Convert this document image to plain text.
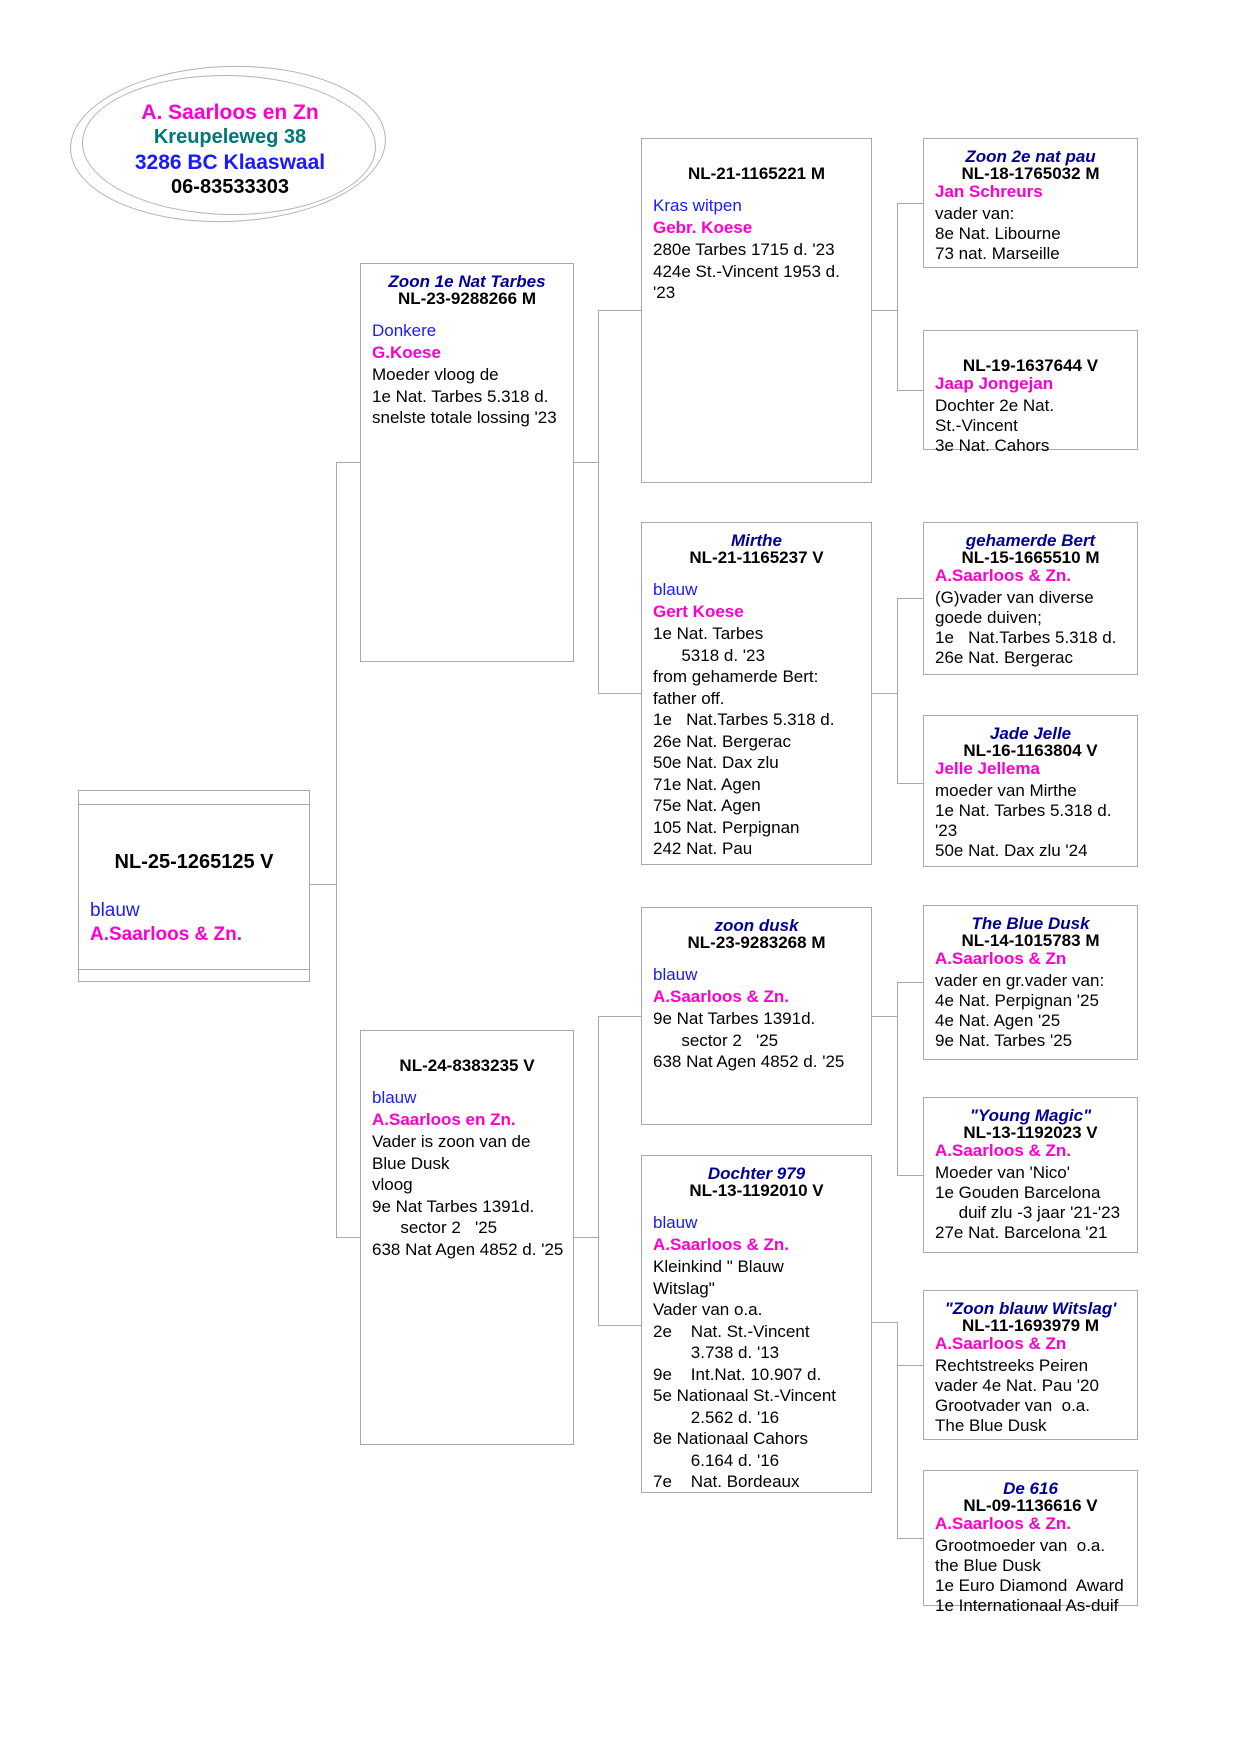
A. Saarloos en Zn
Kreupeleweg 38
3286 BC Klaaswaal
06-83533303
NL-25-1265125 V
blauw
A.Saarloos & Zn.
Zoon 1e Nat Tarbes
NL-23-9288266 M
Donkere
G.Koese
Moeder vloog de
1e Nat. Tarbes 5.318 d.
snelste totale lossing '23
NL-24-8383235 V
blauw
A.Saarloos en Zn.
Vader is zoon van de
Blue Dusk
vloog
9e Nat Tarbes 1391d.
sector 2   '25
638 Nat Agen 4852 d. '25
NL-21-1165221 M
Kras witpen
Gebr. Koese
280e Tarbes 1715 d. '23
424e St.-Vincent 1953 d.
'23
Mirthe
NL-21-1165237 V
blauw
Gert Koese
1e Nat. Tarbes
5318 d. '23
from gehamerde Bert:
father off.
1e   Nat.Tarbes 5.318 d.
26e Nat. Bergerac
50e Nat. Dax zlu
71e Nat. Agen
75e Nat. Agen
105 Nat. Perpignan
242 Nat. Pau
zoon dusk
NL-23-9283268 M
blauw
A.Saarloos & Zn.
9e Nat Tarbes 1391d.
sector 2   '25
638 Nat Agen 4852 d. '25
Dochter 979
NL-13-1192010 V
blauw
A.Saarloos & Zn.
Kleinkind " Blauw
Witslag"
Vader van o.a.
2e    Nat. St.-Vincent
3.738 d. '13
9e    Int.Nat. 10.907 d.
5e Nationaal St.-Vincent
2.562 d. '16
8e Nationaal Cahors
6.164 d. '16
7e    Nat. Bordeaux
Zoon 2e nat pau
NL-18-1765032 M
Jan Schreurs
vader van:
8e Nat. Libourne
73 nat. Marseille
NL-19-1637644 V
Jaap Jongejan
Dochter 2e Nat.
St.-Vincent
3e Nat. Cahors
gehamerde Bert
NL-15-1665510 M
A.Saarloos & Zn.
(G)vader van diverse
goede duiven;
1e   Nat.Tarbes 5.318 d.
26e Nat. Bergerac
Jade Jelle
NL-16-1163804 V
Jelle Jellema
moeder van Mirthe
1e Nat. Tarbes 5.318 d.
'23
50e Nat. Dax zlu '24
The Blue Dusk
NL-14-1015783 M
A.Saarloos & Zn
vader en gr.vader van:
4e Nat. Perpignan '25
4e Nat. Agen '25
9e Nat. Tarbes '25
"Young Magic"
NL-13-1192023 V
A.Saarloos & Zn.
Moeder van 'Nico'
1e Gouden Barcelona
duif zlu -3 jaar '21-'23
27e Nat. Barcelona '21
"Zoon blauw Witslag'
NL-11-1693979 M
A.Saarloos & Zn
Rechtstreeks Peiren
vader 4e Nat. Pau '20
Grootvader van  o.a.
The Blue Dusk
De 616
NL-09-1136616 V
A.Saarloos & Zn.
Grootmoeder van  o.a.
the Blue Dusk
1e Euro Diamond  Award
1e Internationaal As-duif
